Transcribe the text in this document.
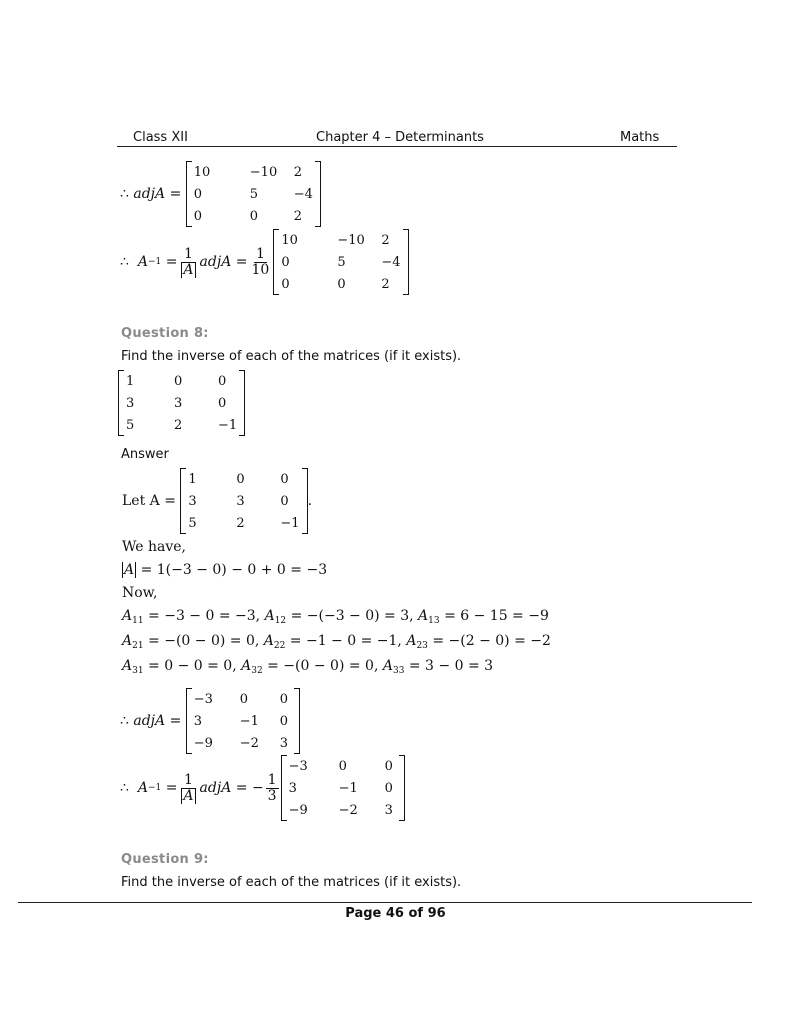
Class XII	Chapter 4 – Determinants	Maths
∴
adjA =

10	−10	2
0	5	−4
0	0	2
∴
A −1
= $\frac{1}{A}$ adjA = $\frac{1}{10}$
10	−10	2
0	5	−4
0	0	2
Question 8:
Find the inverse of each of the matrices (if it exists).
1	0	0
3	3	0
5	2	−1
Answer
Let A =

1	0	0
3	3	0
5	2	−1
.
We have,
A = 1(−3 − 0) − 0 + 0 = −3
Now,
$A_{11} = -3 - 0 = -3$, $A_{12} = -(-3 - 0) = 3$, $A_{13} = 6 - 15 = -9$
$A_{21} = -(0 - 0) = 0$, $A_{22} = -1 - 0 = -1$, $A_{23} = -(2 - 0) = -2$
$A_{31} = 0 - 0 = 0$, $A_{32} = -(0 - 0) = 0$, $A_{33} = 3 - 0 = 3$
∴
adjA =

−3	0	0
3	−1	0
−9	−2	3
∴
A −1
= $\frac{1}{A}$ adjA = − $\frac{1}{3}$
−3	0	0
3	−1	0
−9	−2	3
Question 9:
Find the inverse of each of the matrices (if it exists).
Page 46 of 96
